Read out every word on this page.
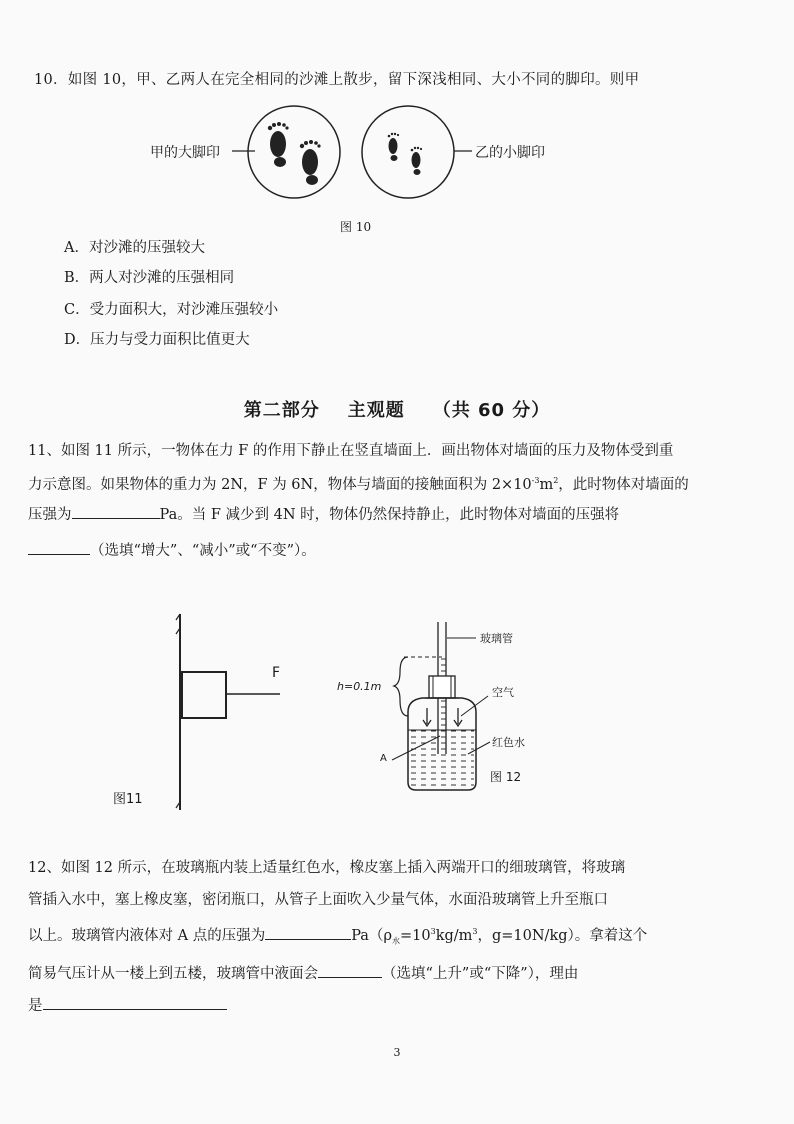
10．如图 10，甲、乙两人在完全相同的沙滩上散步，留下深浅相同、大小不同的脚印。则甲
甲的大脚印	乙的小脚印
图 10
A．对沙滩的压强较大
B．两人对沙滩的压强相同
C．受力面积大，对沙滩压强较小
D．压力与受力面积比值更大
第二部分 主观题 （共 60 分）
11、如图 11 所示，一物体在力 F 的作用下静止在竖直墙面上．画出物体对墙面的压力及物体受到重
力示意图。如果物体的重力为 2N，F 为 6N，物体与墙面的接触面积为 $2\times 10^{-3}m^2$，此时物体对墙面的
压强为	Pa。当 F 减少到 4N 时，物体仍然保持静止，此时物体对墙面的压强将
（选填“增大”、“减小”或“不变”）。
F
图11
玻璃管
h=0.1m	空气
红色水
A
图 12
12、如图 12 所示，在玻璃瓶内装上适量红色水，橡皮塞上插入两端开口的细玻璃管，将玻璃
管插入水中，塞上橡皮塞，密闭瓶口，从管子上面吹入少量气体，水面沿玻璃管上升至瓶口
以上。玻璃管内液体对 A 点的压强为	$Pa(\rho_水=10^3kg/m^3$，g=10N/kg）。拿着这个
简易气压计从一楼上到五楼，玻璃管中液面会	（选填“上升”或“下降”），理由
是
3
